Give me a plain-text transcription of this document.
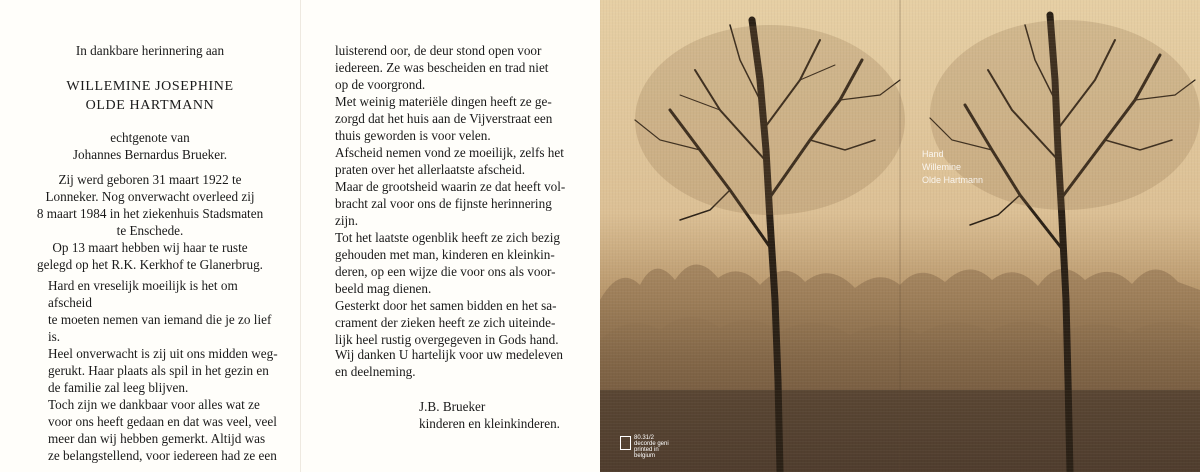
In dankbare herinnering aan
WILLEMINE JOSEPHINE
OLDE HARTMANN
echtgenote van
Johannes Bernardus Brueker.
Zij werd geboren 31 maart 1922 te
Lonneker. Nog onverwacht overleed zij
8 maart 1984 in het ziekenhuis Stadsmaten
te Enschede.
Op 13 maart hebben wij haar te ruste
gelegd op het R.K. Kerkhof te Glanerbrug.
Hard en vreselijk moeilijk is het om afscheid
te moeten nemen van iemand die je zo lief
is.
Heel onverwacht is zij uit ons midden weg-
gerukt. Haar plaats als spil in het gezin en
de familie zal leeg blijven.
Toch zijn we dankbaar voor alles wat ze
voor ons heeft gedaan en dat was veel, veel
meer dan wij hebben gemerkt. Altijd was
ze belangstellend, voor iedereen had ze een
luisterend oor, de deur stond open voor
iedereen. Ze was bescheiden en trad niet
op de voorgrond.
Met weinig materiële dingen heeft ze ge-
zorgd dat het huis aan de Vijverstraat een
thuis geworden is voor velen.
Afscheid nemen vond ze moeilijk, zelfs het
praten over het allerlaatste afscheid.
Maar de grootsheid waarin ze dat heeft vol-
bracht zal voor ons de fijnste herinnering
zijn.
Tot het laatste ogenblik heeft ze zich bezig
gehouden met man, kinderen en kleinkin-
deren, op een wijze die voor ons als voor-
beeld mag dienen.
Gesterkt door het samen bidden en het sa-
crament der zieken heeft ze zich uiteinde-
lijk heel rustig overgegeven in Gods hand.
Wij danken U hartelijk voor uw medeleven
en deelneming.
J.B. Brueker
kinderen en kleinkinderen.
Hand
Willemine
Olde Hartmann
80.31/2
decorde geni
printed in belgium
